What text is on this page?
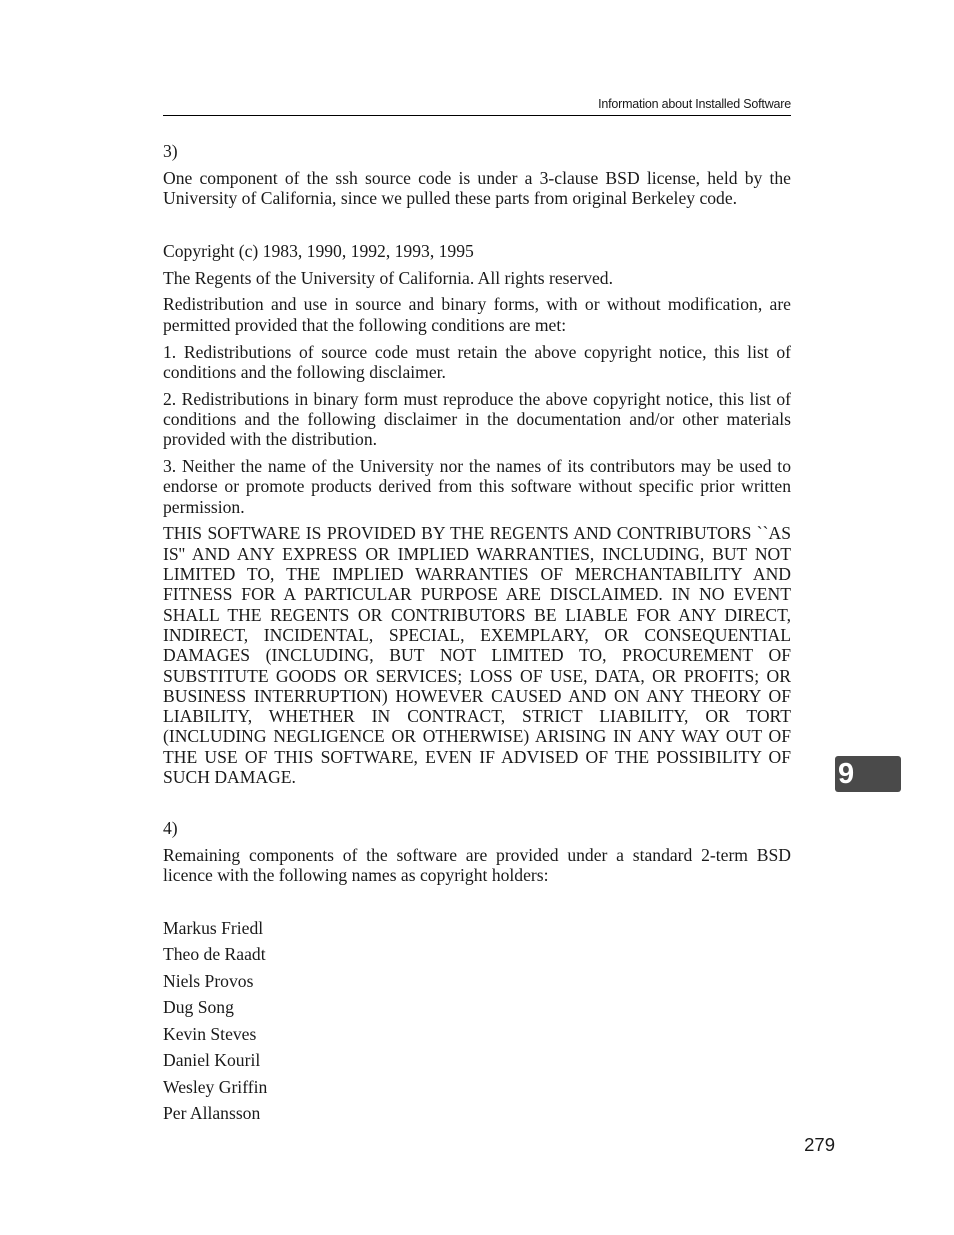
Information about Installed Software

3)

One component of the ssh source code is under a 3-clause BSD license, held by the University of California, since we pulled these parts from original Berkeley code.

Copyright (c) 1983, 1990, 1992, 1993, 1995

The Regents of the University of California. All rights reserved.

Redistribution and use in source and binary forms, with or without modification, are permitted provided that the following conditions are met:

1. Redistributions of source code must retain the above copyright notice, this list of conditions and the following disclaimer.

2. Redistributions in binary form must reproduce the above copyright notice, this list of conditions and the following disclaimer in the documentation and/or other materials provided with the distribution.

3. Neither the name of the University nor the names of its contributors may be used to endorse or promote products derived from this software without specific prior written permission.

THIS SOFTWARE IS PROVIDED BY THE REGENTS AND CONTRIBUTORS ``AS IS'' AND ANY EXPRESS OR IMPLIED WARRANTIES, INCLUDING, BUT NOT LIMITED TO, THE IMPLIED WARRANTIES OF MERCHANTABILITY AND FITNESS FOR A PARTICULAR PURPOSE ARE DISCLAIMED. IN NO EVENT SHALL THE REGENTS OR CONTRIBUTORS BE LIABLE FOR ANY DIRECT, INDIRECT, INCIDENTAL, SPECIAL, EXEMPLARY, OR CONSEQUENTIAL DAMAGES (INCLUDING, BUT NOT LIMITED TO, PROCUREMENT OF SUBSTITUTE GOODS OR SERVICES; LOSS OF USE, DATA, OR PROFITS; OR BUSINESS INTERRUPTION) HOWEVER CAUSED AND ON ANY THEORY OF LIABILITY, WHETHER IN CONTRACT, STRICT LIABILITY, OR TORT (INCLUDING NEGLIGENCE OR OTHERWISE) ARISING IN ANY WAY OUT OF THE USE OF THIS SOFTWARE, EVEN IF ADVISED OF THE POSSIBILITY OF SUCH DAMAGE.

4)

Remaining components of the software are provided under a standard 2-term BSD licence with the following names as copyright holders:

Markus Friedl

Theo de Raadt

Niels Provos

Dug Song

Kevin Steves

Daniel Kouril

Wesley Griffin

Per Allansson

9
279
